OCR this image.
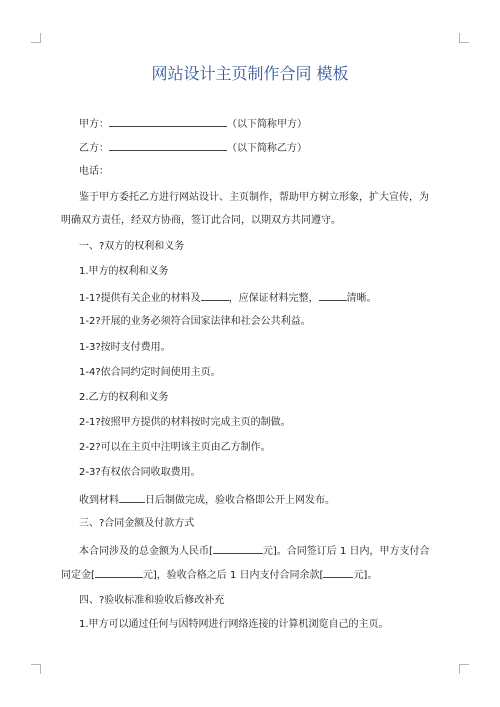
网站设计主页制作合同 模板
甲方：	（以下简称甲方）
乙方：	（以下简称乙方）
电话：
鉴于甲方委托乙方进行网站设计、主页制作，帮助甲方树立形象，扩大宣传，为
明确双方责任，经双方协商，签订此合同，以期双方共同遵守。
一、?双方的权利和义务
1.甲方的权利和义务
1-1?提供有关企业的材料及	，应保证材料完整，	清晰。
1-2?开展的业务必须符合国家法律和社会公共利益。
1-3?按时支付费用。
1-4?依合同约定时间使用主页。
2.乙方的权利和义务
2-1?按照甲方提供的材料按时完成主页的制做。
2-2?可以在主页中注明该主页由乙方制作。
2-3?有权依合同收取费用。
收到材料	日后制做完成，验收合格即公开上网发布。
三、?合同金额及付款方式
本合同涉及的总金额为人民币[	元]。合同签订后 1 日内，甲方支付合
同定金[	元]，验收合格之后 1 日内支付合同余款[	元]。
四、?验收标准和验收后修改补充
1.甲方可以通过任何与因特网进行网络连接的计算机浏览自己的主页。
